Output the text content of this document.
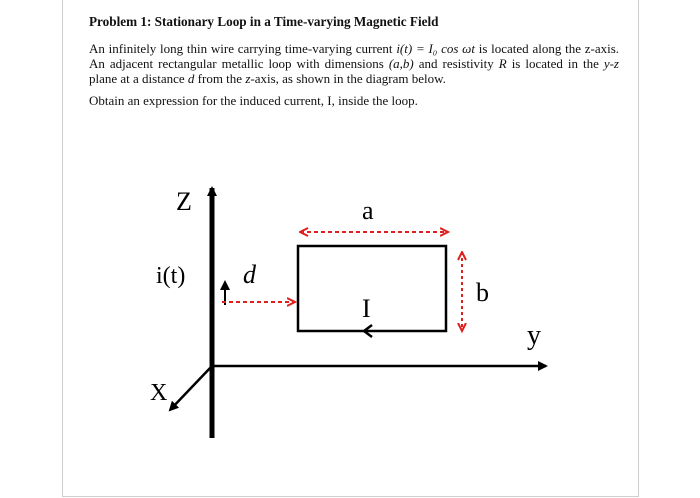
Problem 1: Stationary Loop in a Time-varying Magnetic Field

An infinitely long thin wire carrying time-varying current i(t) = I₀ cos ωt is located along the z-axis. An adjacent rectangular metallic loop with dimensions (a,b) and resistivity R is located in the y-z plane at a distance d from the z-axis, as shown in the diagram below.

Obtain an expression for the induced current, I, inside the loop.

Z
i(t) d
a
b
I
y
X
